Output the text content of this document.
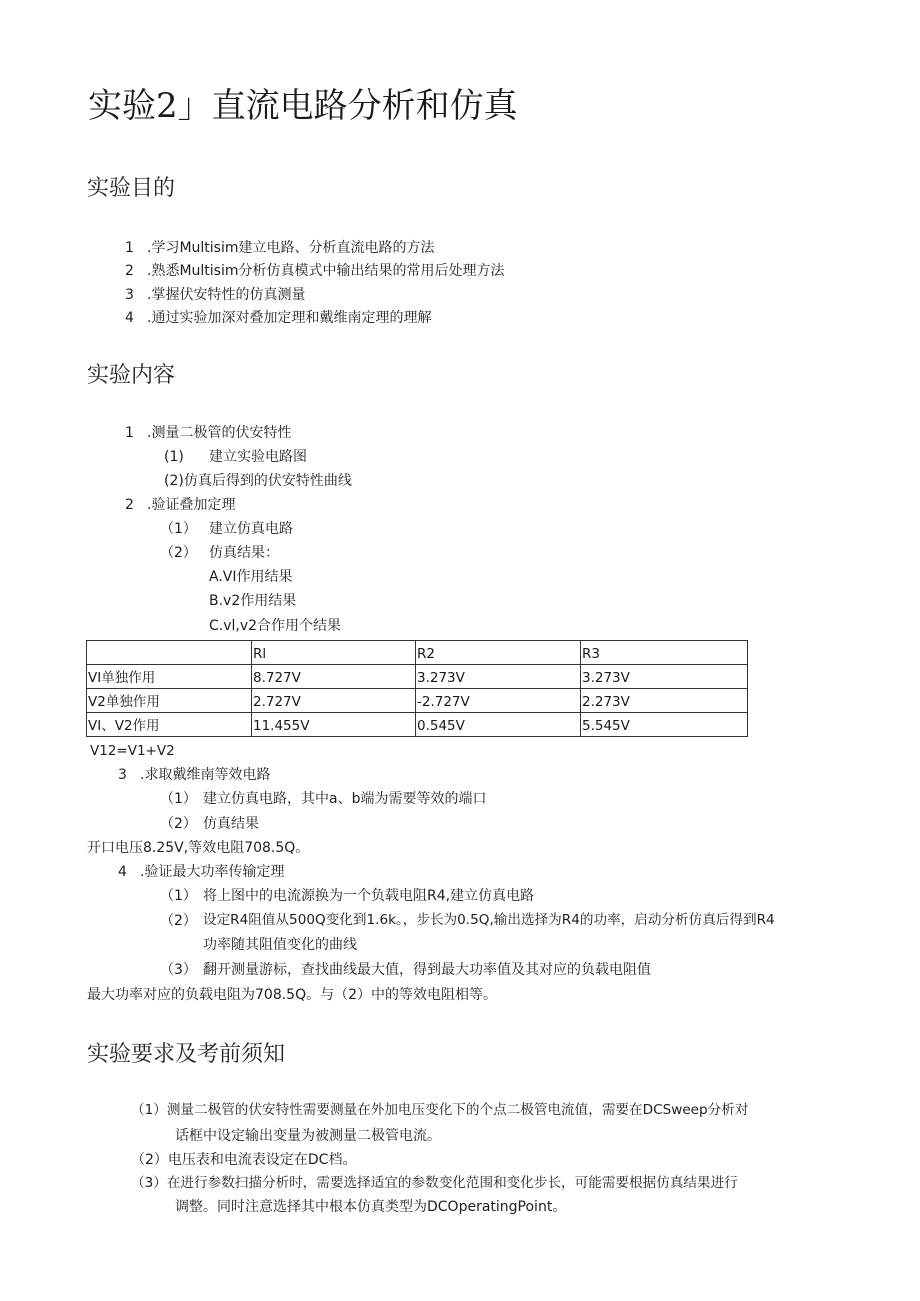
实验2」直流电路分析和仿真
实验目的
1 .学习Multisim建立电路、分析直流电路的方法
2 .熟悉Multisim分析仿真模式中输出结果的常用后处理方法
3 .掌握伏安特性的仿真测量
4 .通过实验加深对叠加定理和戴维南定理的理解
实验内容
1 .测量二极管的伏安特性
(1) 建立实验电路图
(2)仿真后得到的伏安特性曲线
2 .验证叠加定理
（1） 建立仿真电路
（2） 仿真结果：
A.VI作用结果
B.v2作用结果
C.vl,v2合作用个结果
	Rl	R2	R3
VI单独作用	8.727V	3.273V	3.273V
V2单独作用	2.727V	-2.727V	2.273V
VI、V2作用	11.455V	0.545V	5.545V
V12=V1+V2
3 .求取戴维南等效电路
（1） 建立仿真电路，其中a、b端为需要等效的端口
（2） 仿真结果
开口电压8.25V,等效电阻708.5Q。
4 .验证最大功率传输定理
（1） 将上图中的电流源换为一个负载电阻R4,建立仿真电路
（2） 设定R4阻值从500Q变化到1.6k。，步长为0.5Q,输出选择为R4的功率，启动分析仿真后得到R4
功率随其阻值变化的曲线
（3） 翻开测量游标，查找曲线最大值，得到最大功率值及其对应的负载电阻值
最大功率对应的负载电阻为708.5Q。与（2）中的等效电阻相等。
实验要求及考前须知
（1）测量二极管的伏安特性需要测量在外加电压变化下的个点二极管电流值，需要在DCSweep分析对
话框中设定输出变量为被测量二极管电流。
（2）电压表和电流表设定在DC档。
（3）在进行参数扫描分析时，需要选择适宜的参数变化范围和变化步长，可能需要根据仿真结果进行
调整。同时注意选择其中根本仿真类型为DCOperatingPoint。
